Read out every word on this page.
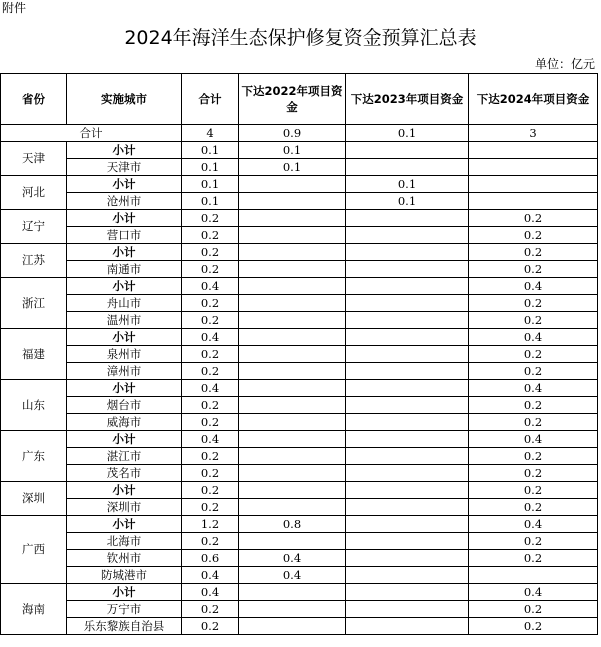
附件
2024年海洋生态保护修复资金预算汇总表
单位：亿元
省份	实施城市	合计	下达2022年项目资金	下达2023年项目资金	下达2024年项目资金
合计		4	0.9	0.1	3
天津	小计	0.1	0.1		
	天津市	0.1	0.1		
河北	小计	0.1		0.1	
	沧州市	0.1		0.1	
辽宁	小计	0.2			0.2
	营口市	0.2			0.2
江苏	小计	0.2			0.2
	南通市	0.2			0.2
浙江	小计	0.4			0.4
	舟山市	0.2			0.2
	温州市	0.2			0.2
福建	小计	0.4			0.4
	泉州市	0.2			0.2
	漳州市	0.2			0.2
山东	小计	0.4			0.4
	烟台市	0.2			0.2
	威海市	0.2			0.2
广东	小计	0.4			0.4
	湛江市	0.2			0.2
	茂名市	0.2			0.2
深圳	小计	0.2			0.2
	深圳市	0.2			0.2
广西	小计	1.2	0.8		0.4
	北海市	0.2			0.2
	钦州市	0.6	0.4		0.2
	防城港市	0.4	0.4		
海南	小计	0.4			0.4
	万宁市	0.2			0.2
	乐东黎族自治县	0.2			0.2
